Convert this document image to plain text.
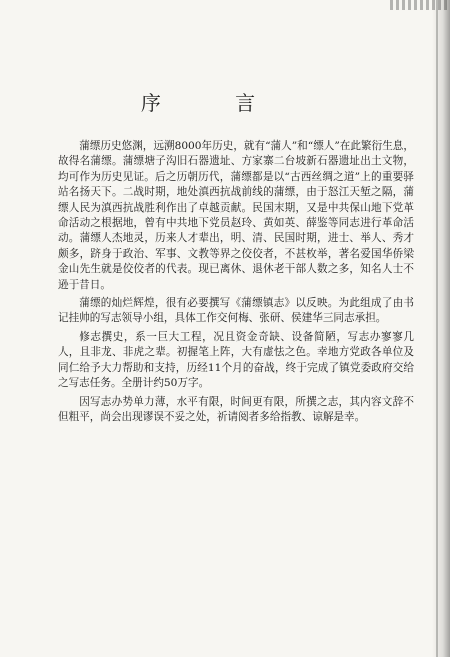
序 言

蒲缥历史悠渊，远溯8000年历史，就有“蒲人”和“缥人”在此繁衍生息，故得名蒲缥。蒲缥塘子沟旧石器遗址、方家寨二台坡新石器遗址出土文物，均可作为历史见证。后之历朝历代，蒲缥都是以“古西丝绸之道”上的重要驿站名扬天下。二战时期，地处滇西抗战前线的蒲缥，由于怒江天堑之隔，蒲缥人民为滇西抗战胜利作出了卓越贡献。民国末期，又是中共保山地下党革命活动之根据地，曾有中共地下党员赵玲、黄如英、薛鉴等同志进行革命活动。蒲缥人杰地灵，历来人才辈出，明、清、民国时期，进士、举人、秀才颇多，跻身于政治、军事、文教等界之佼佼者，不甚枚举，著名爱国华侨梁金山先生就是佼佼者的代表。现已离休、退休老干部人数之多，知名人士不逊于昔日。

蒲缥的灿烂辉煌，很有必要撰写《蒲缥镇志》以反映。为此组成了由书记挂帅的写志领导小组，具体工作交何梅、张研、侯建华三同志承担。

修志撰史，系一巨大工程，况且资金奇缺、设备简陋，写志办寥寥几人，且非龙、非虎之辈。初握笔上阵，大有虚怯之色。幸地方党政各单位及同仁给予大力帮助和支持，历经11个月的奋战，终于完成了镇党委政府交给之写志任务。全册计约50万字。

因写志办势单力薄，水平有限，时间更有限，所撰之志，其内容文辞不但粗平，尚会出现谬误不妥之处，祈请阅者多给指教、谅解是幸。
